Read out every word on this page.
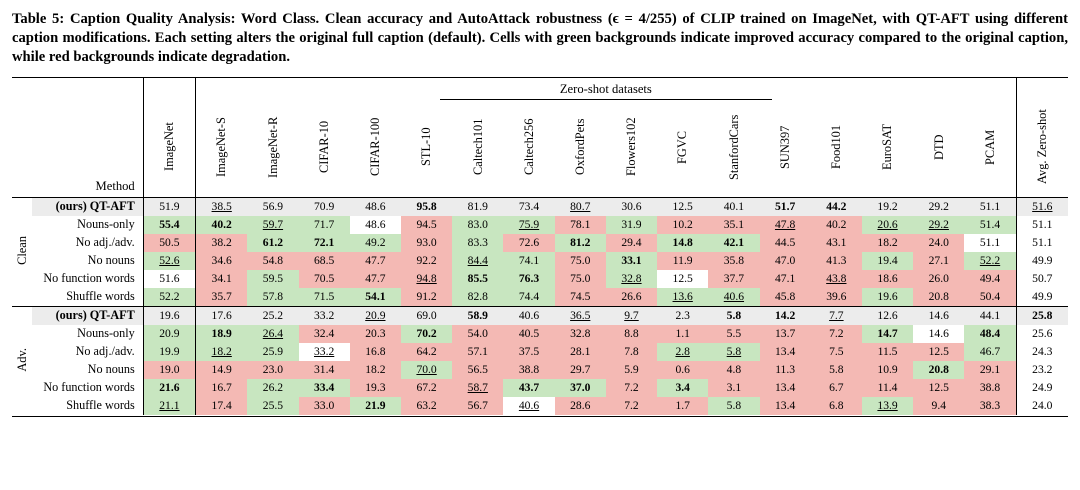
Table 5: Caption Quality Analysis: Word Class. Clean accuracy and AutoAttack robustness (ϵ = 4/255) of CLIP trained on ImageNet, with QT-AFT using different caption modifications. Each setting alters the original full caption (default). Cells with green backgrounds indicate improved accuracy compared to the original caption, while red backgrounds indicate degradation.
			Zero-shot datasets																
	Method	ImageNet	ImageNet-S	ImageNet-R	CIFAR-10	CIFAR-100	STL-10	Caltech101	Caltech256	OxfordPets	Flowers102	FGVC	StanfordCars	SUN397	Food101	EuroSAT	DTD	PCAM	Avg. Zero-shot
Clean	(ours) QT-AFT	51.9	38.5	56.9	70.9	48.6	95.8	81.9	73.4	80.7	30.6	12.5	40.1	51.7	44.2	19.2	29.2	51.1	51.6
	Nouns-only	55.4	40.2	59.7	71.7	48.6	94.5	83.0	75.9	78.1	31.9	10.2	35.1	47.8	40.2	20.6	29.2	51.4	51.1
	No adj./adv.	50.5	38.2	61.2	72.1	49.2	93.0	83.3	72.6	81.2	29.4	14.8	42.1	44.5	43.1	18.2	24.0	51.1	51.1
	No nouns	52.6	34.6	54.8	68.5	47.7	92.2	84.4	74.1	75.0	33.1	11.9	35.8	47.0	41.3	19.4	27.1	52.2	49.9
	No function words	51.6	34.1	59.5	70.5	47.7	94.8	85.5	76.3	75.0	32.8	12.5	37.7	47.1	43.8	18.6	26.0	49.4	50.7
	Shuffle words	52.2	35.7	57.8	71.5	54.1	91.2	82.8	74.4	74.5	26.6	13.6	40.6	45.8	39.6	19.6	20.8	50.4	49.9
Adv.	(ours) QT-AFT	19.6	17.6	25.2	33.2	20.9	69.0	58.9	40.6	36.5	9.7	2.3	5.8	14.2	7.7	12.6	14.6	44.1	25.8
	Nouns-only	20.9	18.9	26.4	32.4	20.3	70.2	54.0	40.5	32.8	8.8	1.1	5.5	13.7	7.2	14.7	14.6	48.4	25.6
	No adj./adv.	19.9	18.2	25.9	33.2	16.8	64.2	57.1	37.5	28.1	7.8	2.8	5.8	13.4	7.5	11.5	12.5	46.7	24.3
	No nouns	19.0	14.9	23.0	31.4	18.2	70.0	56.5	38.8	29.7	5.9	0.6	4.8	11.3	5.8	10.9	20.8	29.1	23.2
	No function words	21.6	16.7	26.2	33.4	19.3	67.2	58.7	43.7	37.0	7.2	3.4	3.1	13.4	6.7	11.4	12.5	38.8	24.9
	Shuffle words	21.1	17.4	25.5	33.0	21.9	63.2	56.7	40.6	28.6	7.2	1.7	5.8	13.4	6.8	13.9	9.4	38.3	24.0
